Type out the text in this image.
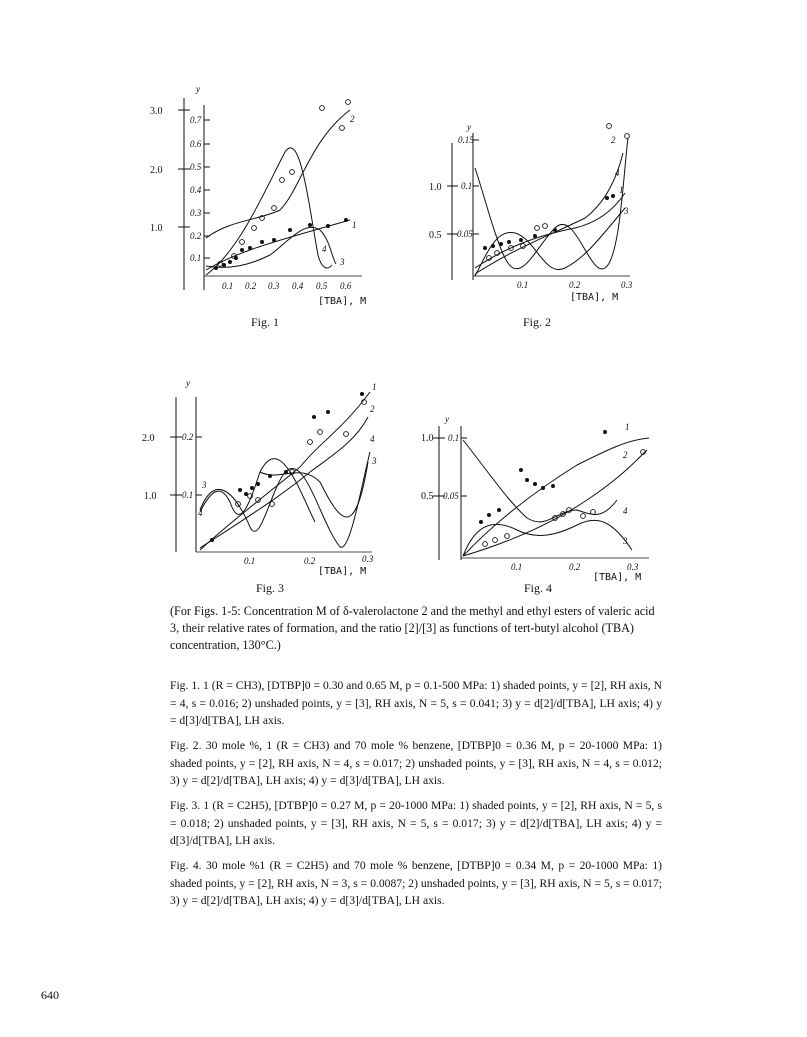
y
3.0
2.0
1.0
0.7
0.6
0.5
0.4
0.3
0.2
0.1
0.1 0.2 0.3 0.4 0.5 0.6
[TBA], M
2
1
4
3
Fig. 1
y
1.0
0.5
0.15
0.1
0.05
0.1	0.2	0.3
[TBA], M
2
4
1
3
Fig. 2
y
2.0
1.0
0.2
0.1
0.1	0.2	0.3
[TBA], M
1
2
4
3
3
4
Fig. 3
y
1.0
0.5
0.1
0.05
0.1	0.2	0.3
[TBA], M
1
2
4
3
Fig. 4
(For Figs. 1-5: Concentration M of δ-valerolactone 2 and the methyl and ethyl esters of valeric acid 3, their relative rates of formation, and the ratio [2]/[3] as functions of tert-butyl alcohol (TBA) concentration, 130°C.)
Fig. 1. 1 (R = CH3), [DTBP]0 = 0.30 and 0.65 M, p = 0.1-500 MPa: 1) shaded points, y = [2], RH axis, N = 4, s = 0.016; 2) unshaded points, y = [3], RH axis, N = 5, s = 0.041; 3) y = d[2]/d[TBA], LH axis; 4) y = d[3]/d[TBA], LH axis.
Fig. 2. 30 mole %, 1 (R = CH3) and 70 mole % benzene, [DTBP]0 = 0.36 M, p = 20-1000 MPa: 1) shaded points, y = [2], RH axis, N = 4, s = 0.017; 2) unshaded points, y = [3], RH axis, N = 4, s = 0.012; 3) y = d[2]/d[TBA], LH axis; 4) y = d[3]/d[TBA], LH axis.
Fig. 3. 1 (R = C2H5), [DTBP]0 = 0.27 M, p = 20-1000 MPa: 1) shaded points, y = [2], RH axis, N = 5, s = 0.018; 2) unshaded points, y = [3], RH axis, N = 5, s = 0.017; 3) y = d[2]/d[TBA], LH axis; 4) y = d[3]/d[TBA], LH axis.
Fig. 4. 30 mole %1 (R = C2H5) and 70 mole % benzene, [DTBP]0 = 0.34 M, p = 20-1000 MPa: 1) shaded points, y = [2], RH axis, N = 3, s = 0.0087; 2) unshaded points, y = [3], RH axis, N = 5, s = 0.017; 3) y = d[2]/d[TBA], LH axis; 4) y = d[3]/d[TBA], LH axis.
640
